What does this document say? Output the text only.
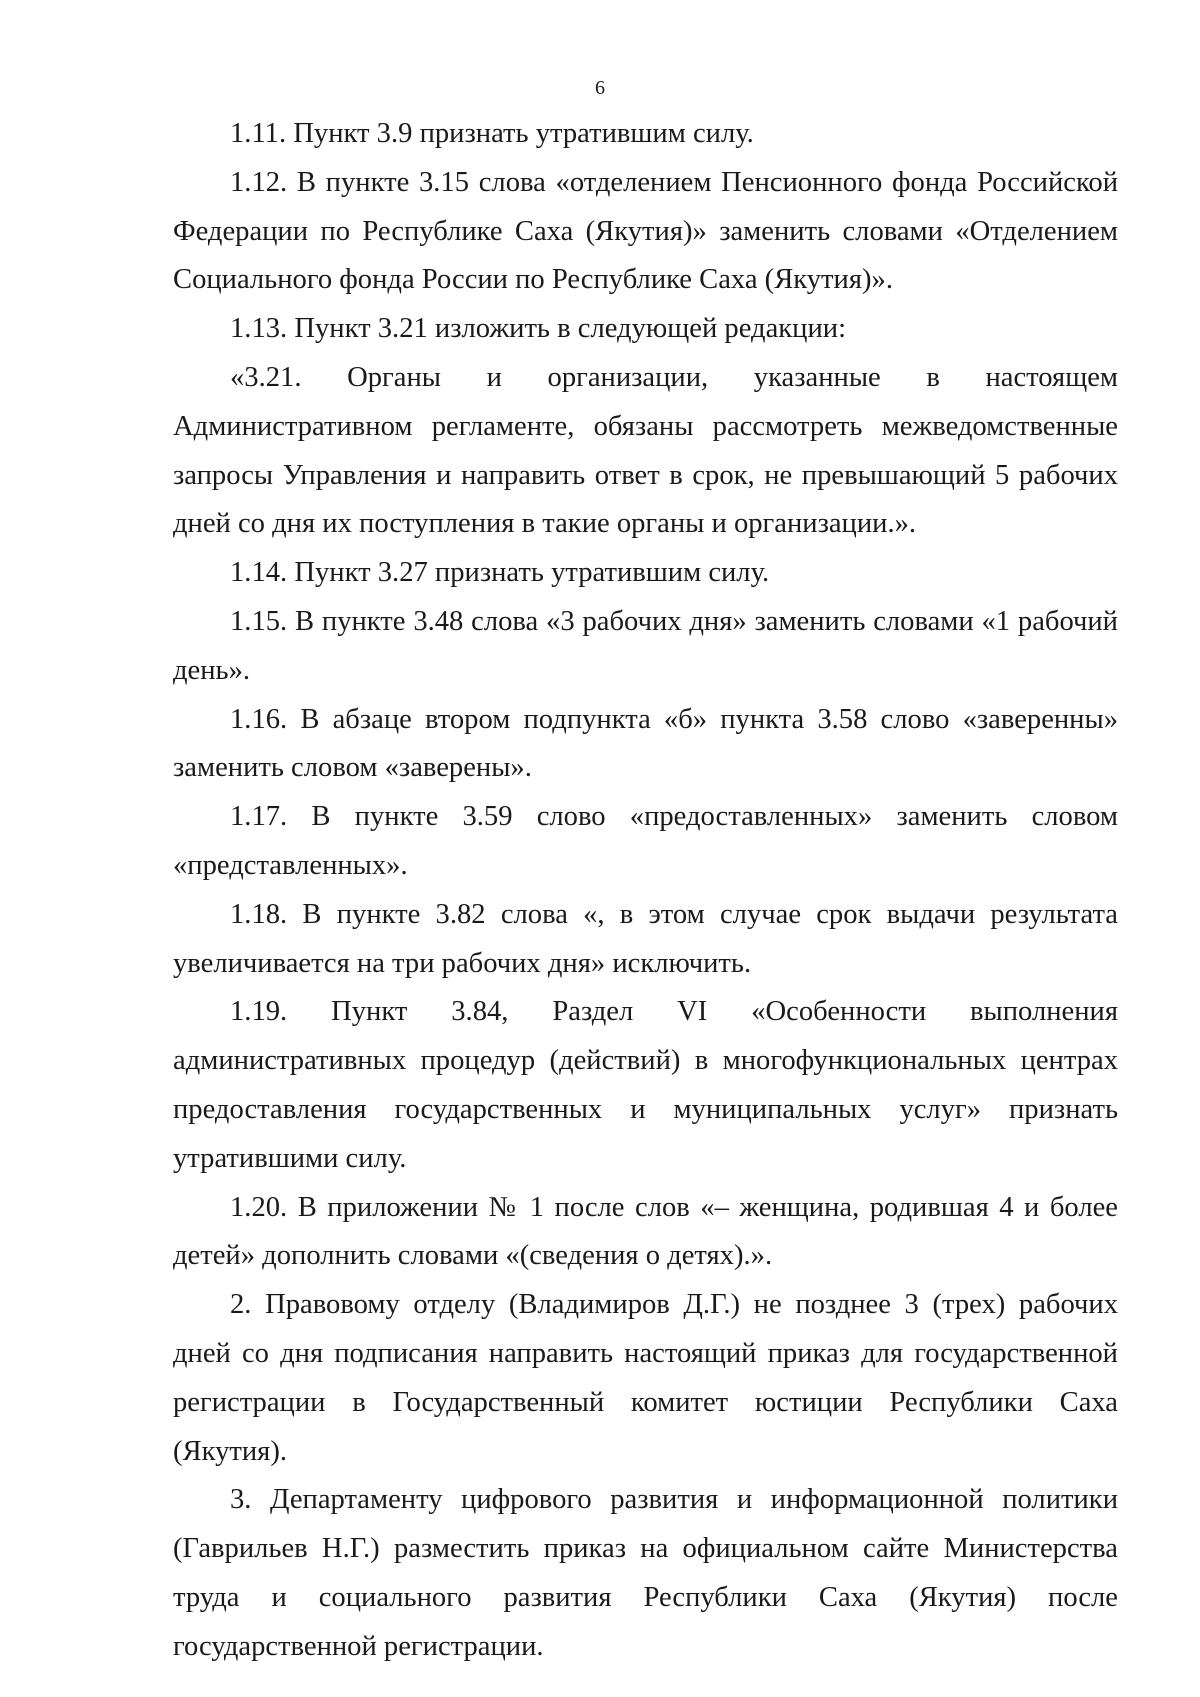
6

1.11. Пункт 3.9 признать утратившим силу.

1.12. В пункте 3.15 слова «отделением Пенсионного фонда Российской Федерации по Республике Саха (Якутия)» заменить словами «Отделением Социального фонда России по Республике Саха (Якутия)».

1.13. Пункт 3.21 изложить в следующей редакции:

«3.21. Органы и организации, указанные в настоящем Административном регламенте, обязаны рассмотреть межведомственные запросы Управления и направить ответ в срок, не превышающий 5 рабочих дней со дня их поступления в такие органы и организации.».

1.14. Пункт 3.27 признать утратившим силу.

1.15. В пункте 3.48 слова «3 рабочих дня» заменить словами «1 рабочий день».

1.16. В абзаце втором подпункта «б» пункта 3.58 слово «заверенны» заменить словом «заверены».

1.17. В пункте 3.59 слово «предоставленных» заменить словом «представленных».

1.18. В пункте 3.82 слова «, в этом случае срок выдачи результата увеличивается на три рабочих дня» исключить.

1.19. Пункт 3.84, Раздел VI «Особенности выполнения административных процедур (действий) в многофункциональных центрах предоставления государственных и муниципальных услуг» признать утратившими силу.

1.20. В приложении № 1 после слов «– женщина, родившая 4 и более детей» дополнить словами «(сведения о детях).».

2. Правовому отделу (Владимиров Д.Г.) не позднее 3 (трех) рабочих дней со дня подписания направить настоящий приказ для государственной регистрации в Государственный комитет юстиции Республики Саха (Якутия).

3. Департаменту цифрового развития и информационной политики (Гаврильев Н.Г.) разместить приказ на официальном сайте Министерства труда и социального развития Республики Саха (Якутия) после государственной регистрации.
